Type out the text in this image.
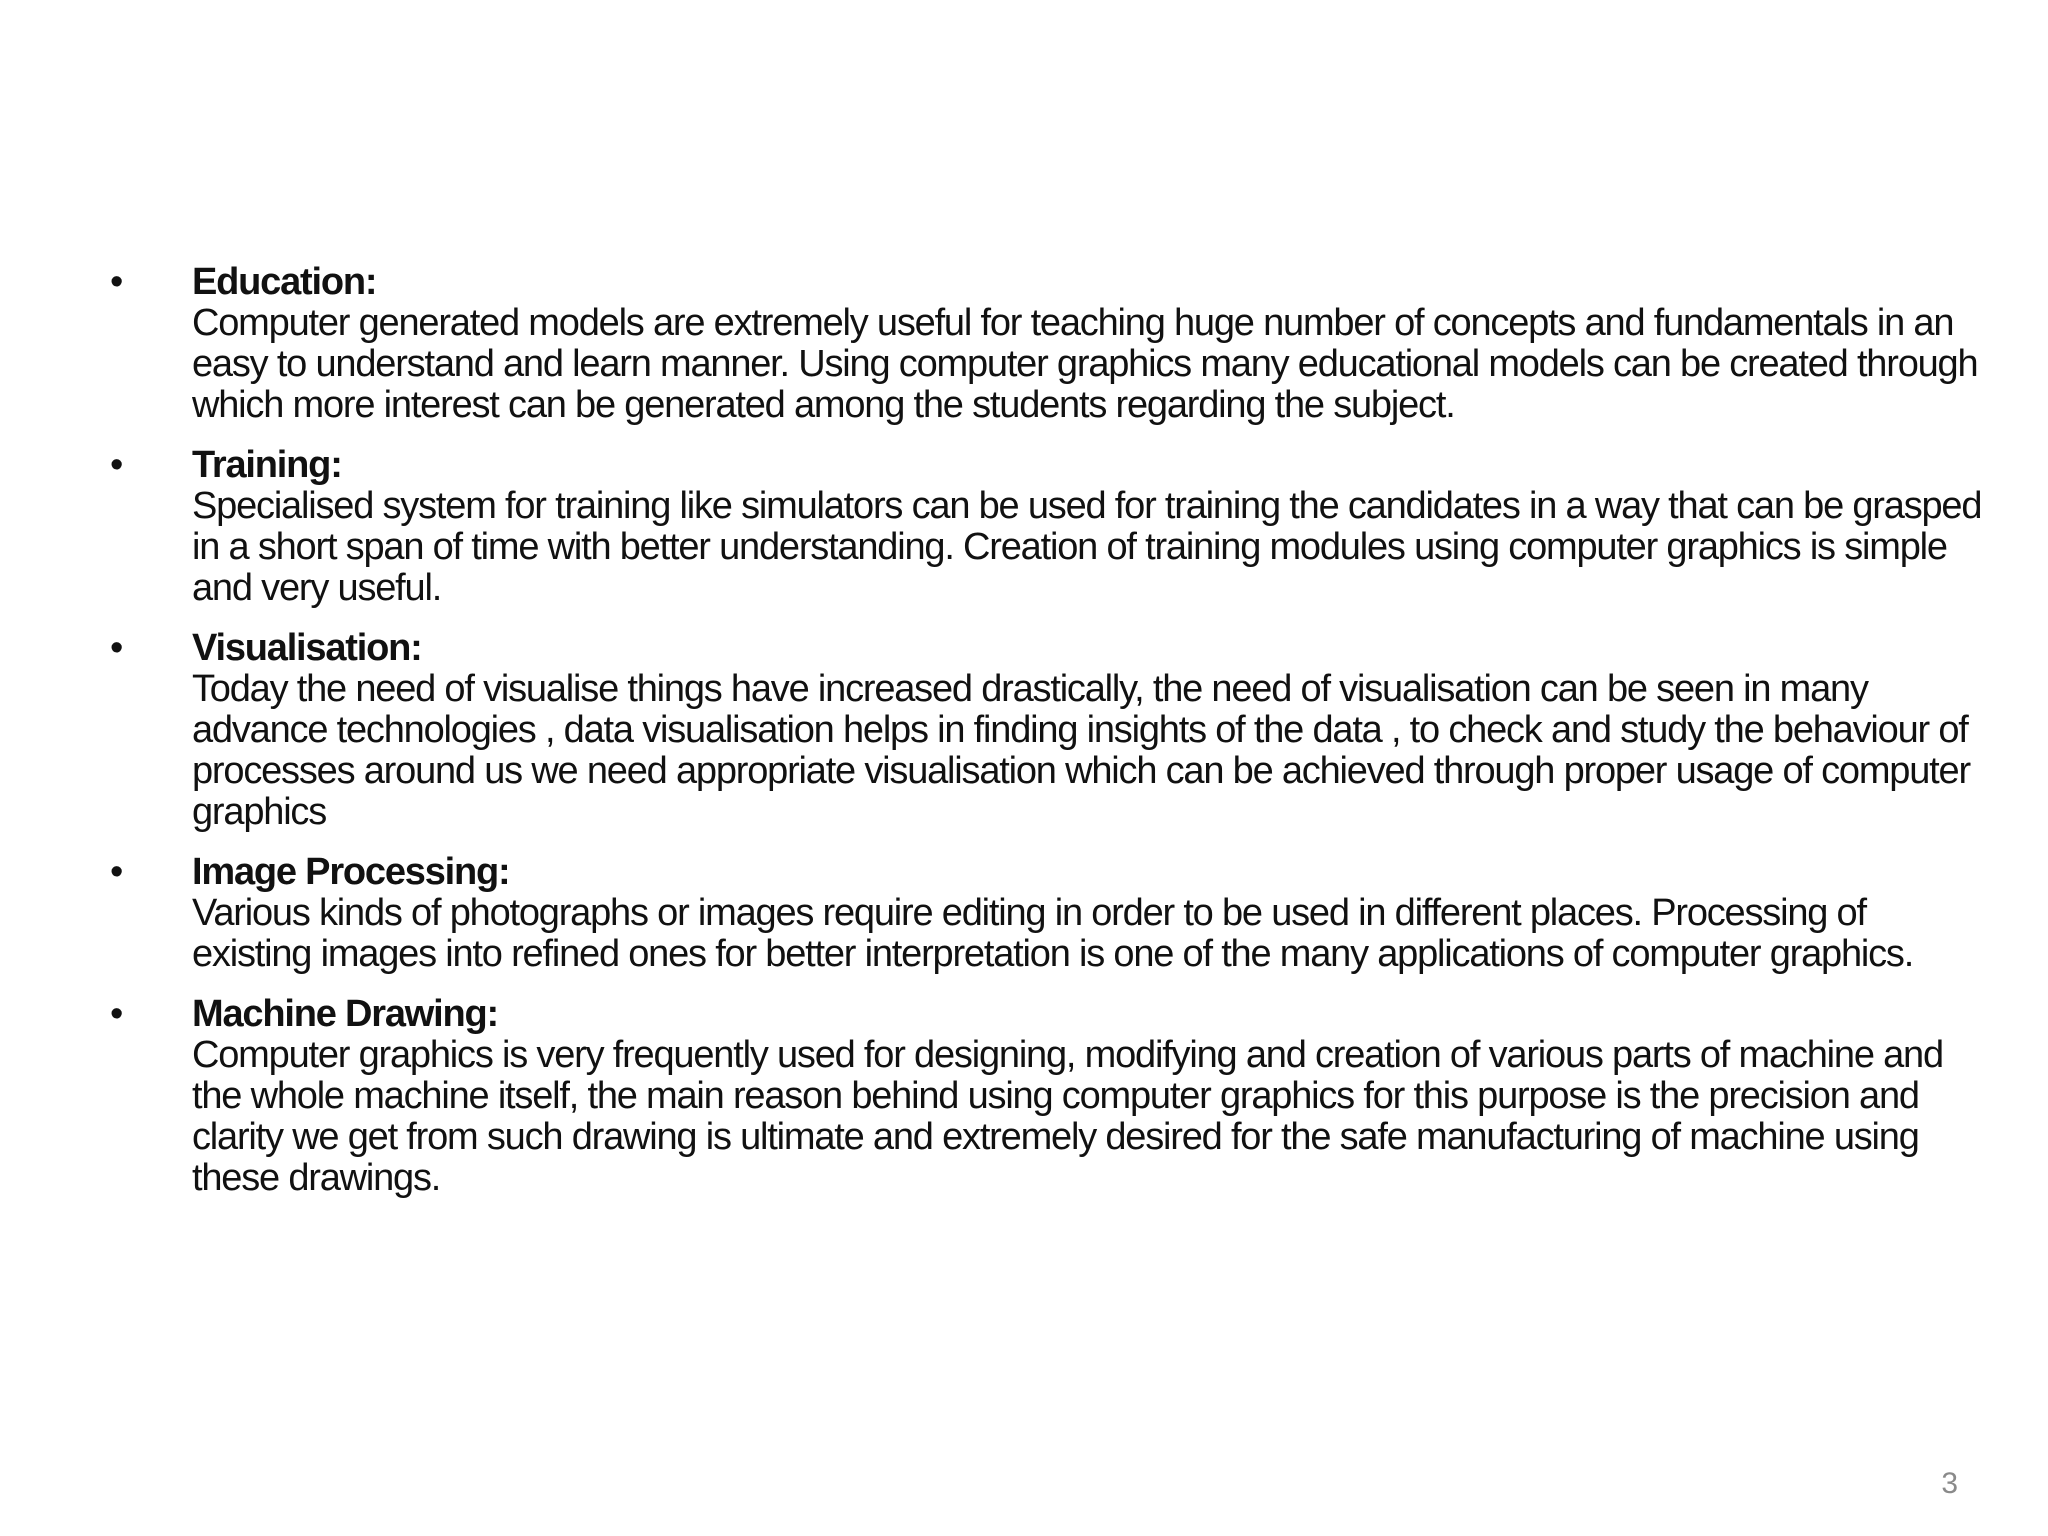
•	Education:
Computer generated models are extremely useful for teaching huge number of concepts and fundamentals in an easy to understand and learn manner. Using computer graphics many educational models can be created through which more interest can be generated among the students regarding the subject.
•	Training:
Specialised system for training like simulators can be used for training the candidates in a way that can be grasped in a short span of time with better understanding. Creation of training modules using computer graphics is simple and very useful.
•	Visualisation:
Today the need of visualise things have increased drastically, the need of visualisation can be seen in many advance technologies , data visualisation helps in finding insights of the data , to check and study the behaviour of processes around us we need appropriate visualisation which can be achieved through proper usage of computer graphics
•	Image Processing:
Various kinds of photographs or images require editing in order to be used in different places. Processing of existing images into refined ones for better interpretation is one of the many applications of computer graphics.
•	Machine Drawing:
Computer graphics is very frequently used for designing, modifying and creation of various parts of machine and the whole machine itself, the main reason behind using computer graphics for this purpose is the precision and clarity we get from such drawing is ultimate and extremely desired for the safe manufacturing of machine using these drawings.
3
